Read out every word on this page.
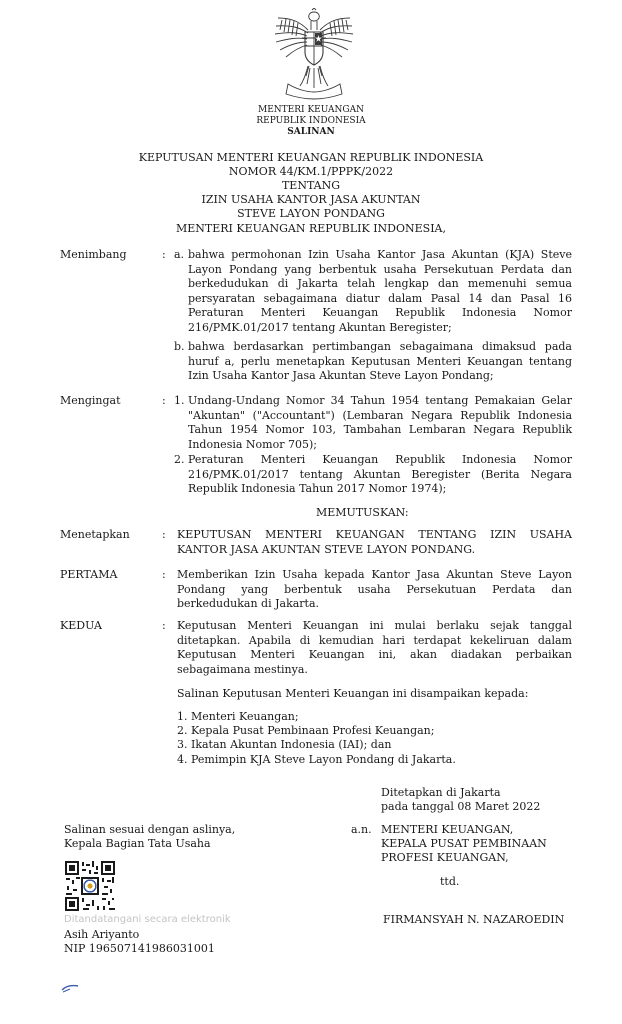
MENTERI KEUANGAN
REPUBLIK INDONESIA
SALINAN
KEPUTUSAN MENTERI KEUANGAN REPUBLIK INDONESIA
NOMOR 44/KM.1/PPPK/2022
TENTANG
IZIN USAHA KANTOR JASA AKUNTAN
STEVE LAYON PONDANG
MENTERI KEUANGAN REPUBLIK INDONESIA,
Menimbang	: a. bahwa permohonan Izin Usaha Kantor Jasa Akuntan (KJA) Steve Layon Pondang yang berbentuk usaha Persekutuan Perdata dan berkedudukan di Jakarta telah lengkap dan memenuhi semua persyaratan sebagaimana diatur dalam Pasal 14 dan Pasal 16 Peraturan Menteri Keuangan Republik Indonesia Nomor 216/PMK.01/2017 tentang Akuntan Beregister;
b. bahwa berdasarkan pertimbangan sebagaimana dimaksud pada huruf a, perlu menetapkan Keputusan Menteri Keuangan tentang Izin Usaha Kantor Jasa Akuntan Steve Layon Pondang;
Mengingat	: 1. Undang-Undang Nomor 34 Tahun 1954 tentang Pemakaian Gelar "Akuntan" ("Accountant") (Lembaran Negara Republik Indonesia Tahun 1954 Nomor 103, Tambahan Lembaran Negara Republik Indonesia Nomor 705);
2. Peraturan Menteri Keuangan Republik Indonesia Nomor 216/PMK.01/2017 tentang Akuntan Beregister (Berita Negara Republik Indonesia Tahun 2017 Nomor 1974);
MEMUTUSKAN:
Menetapkan	: KEPUTUSAN MENTERI KEUANGAN TENTANG IZIN USAHA KANTOR JASA AKUNTAN STEVE LAYON PONDANG.
PERTAMA	: Memberikan Izin Usaha kepada Kantor Jasa Akuntan Steve Layon Pondang yang berbentuk usaha Persekutuan Perdata dan berkedudukan di Jakarta.
KEDUA	: Keputusan Menteri Keuangan ini mulai berlaku sejak tanggal ditetapkan. Apabila di kemudian hari terdapat kekeliruan dalam Keputusan Menteri Keuangan ini, akan diadakan perbaikan sebagaimana mestinya.
Salinan Keputusan Menteri Keuangan ini disampaikan kepada:
1. Menteri Keuangan;
2. Kepala Pusat Pembinaan Profesi Keuangan;
3. Ikatan Akuntan Indonesia (IAI); dan
4. Pemimpin KJA Steve Layon Pondang di Jakarta.
Ditetapkan di Jakarta
pada tanggal 08 Maret 2022
a.n. MENTERI KEUANGAN,
KEPALA PUSAT PEMBINAAN
PROFESI KEUANGAN,
ttd.
FIRMANSYAH N. NAZAROEDIN
Salinan sesuai dengan aslinya,
Kepala Bagian Tata Usaha
Ditandatangani secara elektronik
Asih Ariyanto
NIP 196507141986031001
